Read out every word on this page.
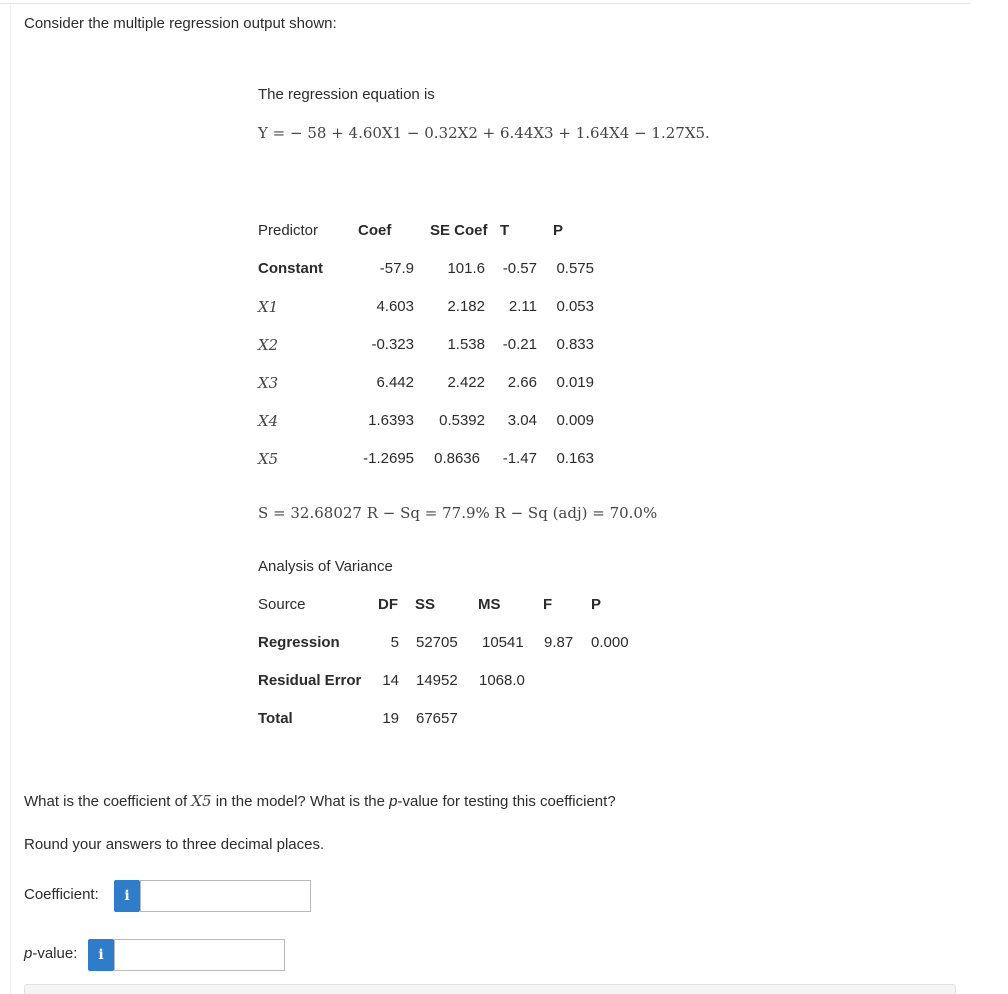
Consider the multiple regression output shown:
The regression equation is
Y = − 58 + 4.60X1 − 0.32X2 + 6.44X3 + 1.64X4 − 1.27X5.
Predictor	Coef	SE Coef T	P
Constant	-57.9	101.6	-0.57	0.575
X1	4.603	2.182	2.11	0.053
X2	-0.323	1.538	-0.21	0.833
X3	6.442	2.422	2.66	0.019
X4	1.6393	0.5392	3.04	0.009
X5	-1.2695	0.8636	-1.47	0.163
S = 32.68027 R − Sq = 77.9% R − Sq (adj) = 70.0%
Analysis of Variance
Source	DF SS	MS	F	P
Regression	5 52705 10541 9.87 0.000
Residual Error	14 14952 1068.0
Total	19 67657
What is the coefficient of X5 in the model? What is the p-value for testing this coefficient?
Round your answers to three decimal places.
Coefficient:	i
p-value:	i
